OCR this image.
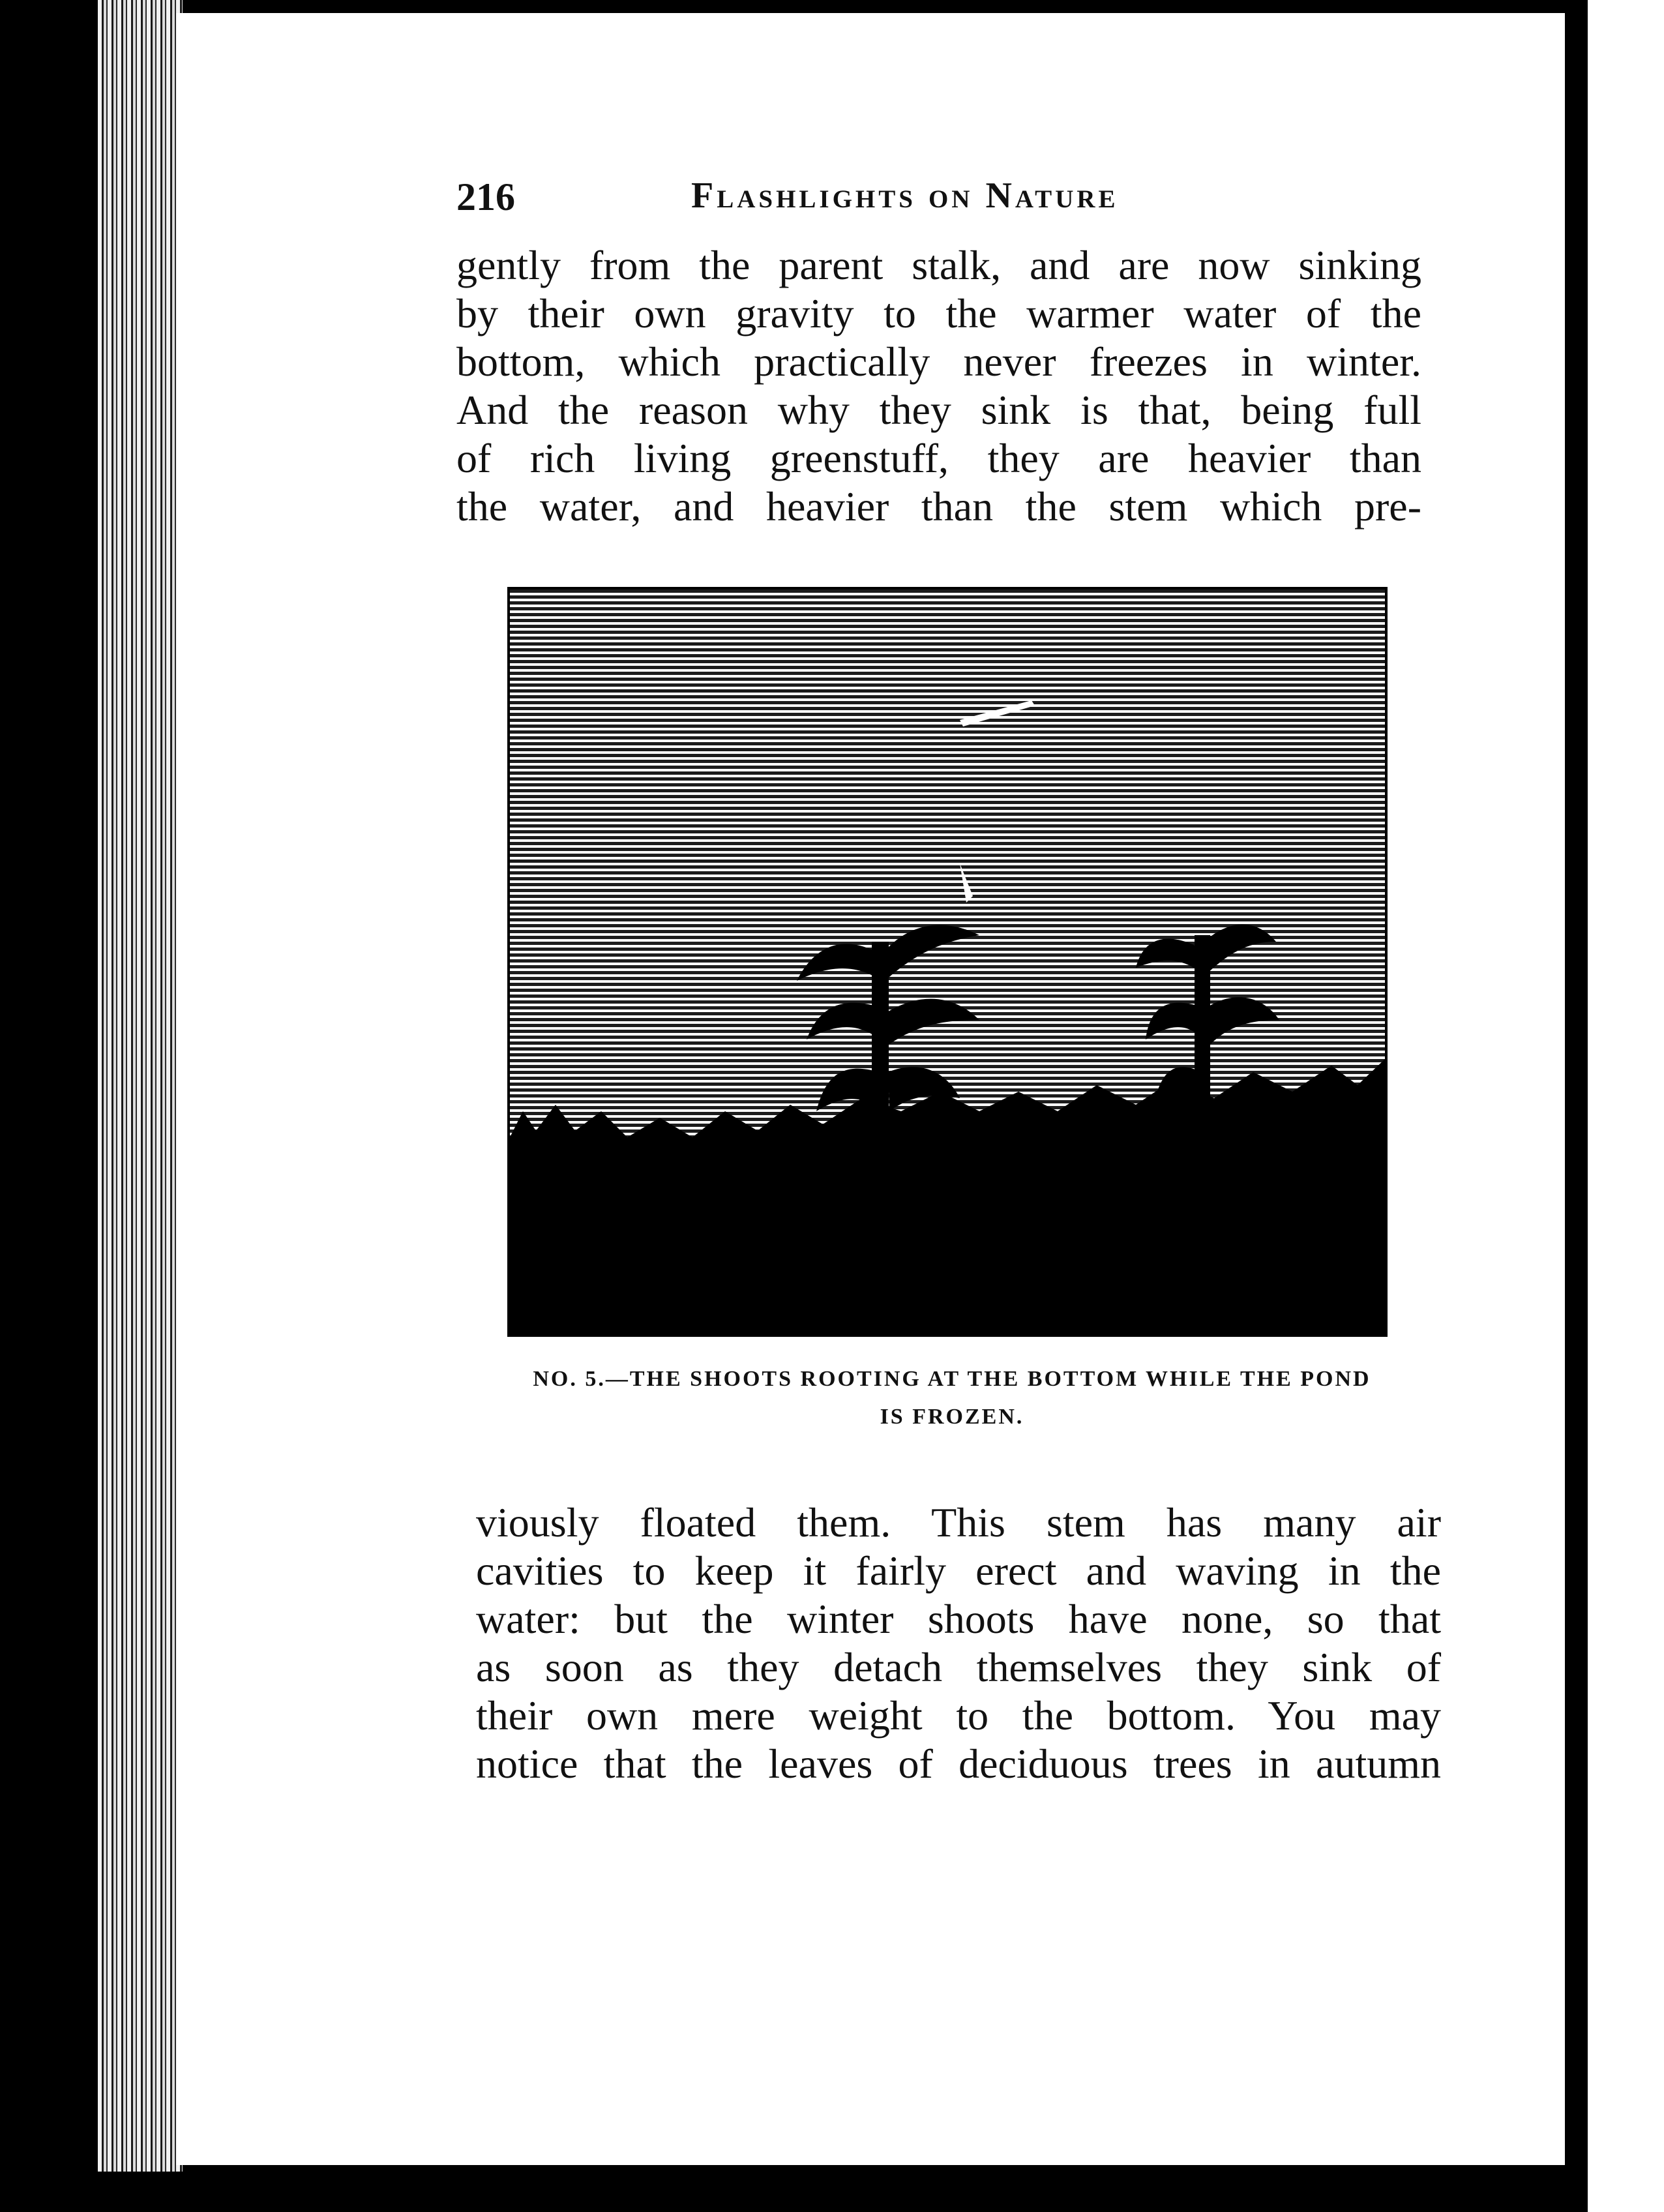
216	Flashlights on Nature
gently from the parent stalk, and are now sinking
by their own gravity to the warmer water of the
bottom, which practically never freezes in winter.
And the reason why they sink is that, being full
of rich living greenstuff, they are heavier than
the water, and heavier than the stem which pre-
NO. 5.—THE SHOOTS ROOTING AT THE BOTTOM WHILE THE POND
IS FROZEN.
viously floated them. This stem has many air
cavities to keep it fairly erect and waving in the
water: but the winter shoots have none, so that
as soon as they detach themselves they sink of
their own mere weight to the bottom. You may
notice that the leaves of deciduous trees in autumn
